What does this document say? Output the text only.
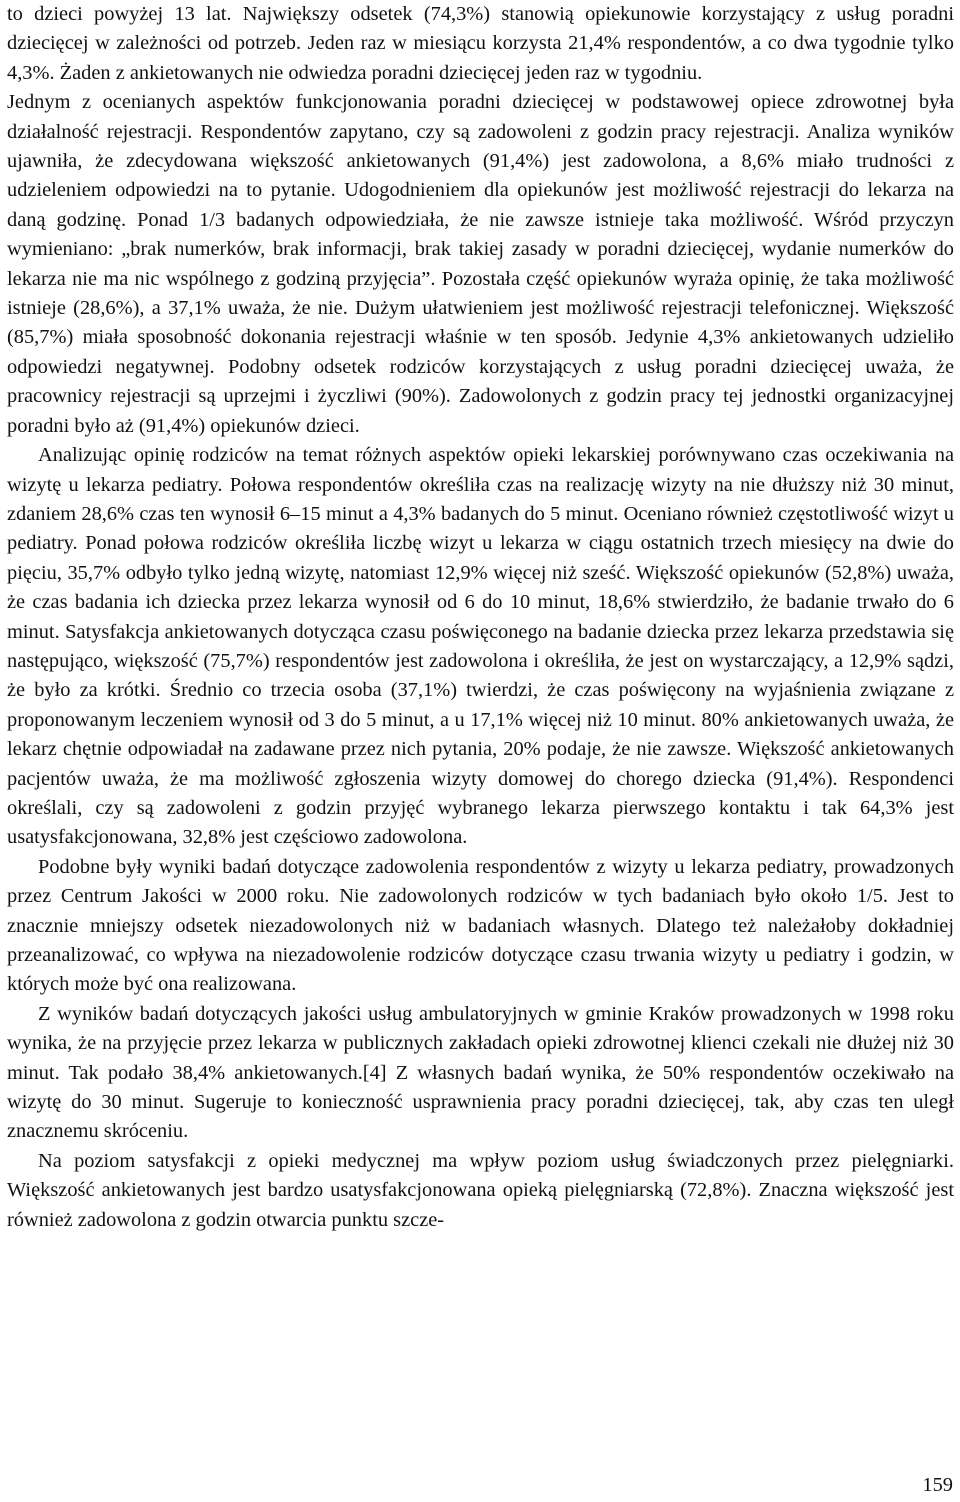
to dzieci powyżej 13 lat. Największy odsetek (74,3%) stanowią opiekunowie korzystający z usług poradni dziecięcej w zależności od potrzeb. Jeden raz w miesiącu korzysta 21,4% respondentów, a co dwa tygodnie tylko 4,3%. Żaden z ankietowanych nie odwiedza poradni dziecięcej jeden raz w tygodniu.

Jednym z ocenianych aspektów funkcjonowania poradni dziecięcej w podstawowej opiece zdrowotnej była działalność rejestracji. Respondentów zapytano, czy są zadowoleni z godzin pracy rejestracji. Analiza wyników ujawniła, że zdecydowana większość ankietowanych (91,4%) jest zadowolona, a 8,6% miało trudności z udzieleniem odpowiedzi na to pytanie. Udogodnieniem dla opiekunów jest możliwość rejestracji do lekarza na daną godzinę. Ponad 1/3 badanych odpowiedziała, że nie zawsze istnieje taka możliwość. Wśród przyczyn wymieniano: „brak numerków, brak informacji, brak takiej zasady w poradni dziecięcej, wydanie numerków do lekarza nie ma nic wspólnego z godziną przyjęcia”. Pozostała część opiekunów wyraża opinię, że taka możliwość istnieje (28,6%), a 37,1% uważa, że nie. Dużym ułatwieniem jest możliwość rejestracji telefonicznej. Większość (85,7%) miała sposobność dokonania rejestracji właśnie w ten sposób. Jedynie 4,3% ankietowanych udzieliło odpowiedzi negatywnej. Podobny odsetek rodziców korzystających z usług poradni dziecięcej uważa, że pracownicy rejestracji są uprzejmi i życzliwi (90%). Zadowolonych z godzin pracy tej jednostki organizacyjnej poradni było aż (91,4%) opiekunów dzieci.

Analizując opinię rodziców na temat różnych aspektów opieki lekarskiej porównywano czas oczekiwania na wizytę u lekarza pediatry. Połowa respondentów określiła czas na realizację wizyty na nie dłuższy niż 30 minut, zdaniem 28,6% czas ten wynosił 6–15 minut a 4,3% badanych do 5 minut. Oceniano również częstotliwość wizyt u pediatry. Ponad połowa rodziców określiła liczbę wizyt u lekarza w ciągu ostatnich trzech miesięcy na dwie do pięciu, 35,7% odbyło tylko jedną wizytę, natomiast 12,9% więcej niż sześć. Większość opiekunów (52,8%) uważa, że czas badania ich dziecka przez lekarza wynosił od 6 do 10 minut, 18,6% stwierdziło, że badanie trwało do 6 minut. Satysfakcja ankietowanych dotycząca czasu poświęconego na badanie dziecka przez lekarza przedstawia się następująco, większość (75,7%) respondentów jest zadowolona i określiła, że jest on wystarczający, a 12,9% sądzi, że było za krótki. Średnio co trzecia osoba (37,1%) twierdzi, że czas poświęcony na wyjaśnienia związane z proponowanym leczeniem wynosił od 3 do 5 minut, a u 17,1% więcej niż 10 minut. 80% ankietowanych uważa, że lekarz chętnie odpowiadał na zadawane przez nich pytania, 20% podaje, że nie zawsze. Większość ankietowanych pacjentów uważa, że ma możliwość zgłoszenia wizyty domowej do chorego dziecka (91,4%). Respondenci określali, czy są zadowoleni z godzin przyjęć wybranego lekarza pierwszego kontaktu i tak 64,3% jest usatysfakcjonowana, 32,8% jest częściowo zadowolona.

Podobne były wyniki badań dotyczące zadowolenia respondentów z wizyty u lekarza pediatry, prowadzonych przez Centrum Jakości w 2000 roku. Nie zadowolonych rodziców w tych badaniach było około 1/5. Jest to znacznie mniejszy odsetek niezadowolonych niż w badaniach własnych. Dlatego też należałoby dokładniej przeanalizować, co wpływa na niezadowolenie rodziców dotyczące czasu trwania wizyty u pediatry i godzin, w których może być ona realizowana.

Z wyników badań dotyczących jakości usług ambulatoryjnych w gminie Kraków prowadzonych w 1998 roku wynika, że na przyjęcie przez lekarza w publicznych zakładach opieki zdrowotnej klienci czekali nie dłużej niż 30 minut. Tak podało 38,4% ankietowanych.[4] Z własnych badań wynika, że 50% respondentów oczekiwało na wizytę do 30 minut. Sugeruje to konieczność usprawnienia pracy poradni dziecięcej, tak, aby czas ten uległ znacznemu skróceniu.

Na poziom satysfakcji z opieki medycznej ma wpływ poziom usług świadczonych przez pielęgniarki. Większość ankietowanych jest bardzo usatysfakcjonowana opieką pielęgniarską (72,8%). Znaczna większość jest również zadowolona z godzin otwarcia punktu szcze-

159
